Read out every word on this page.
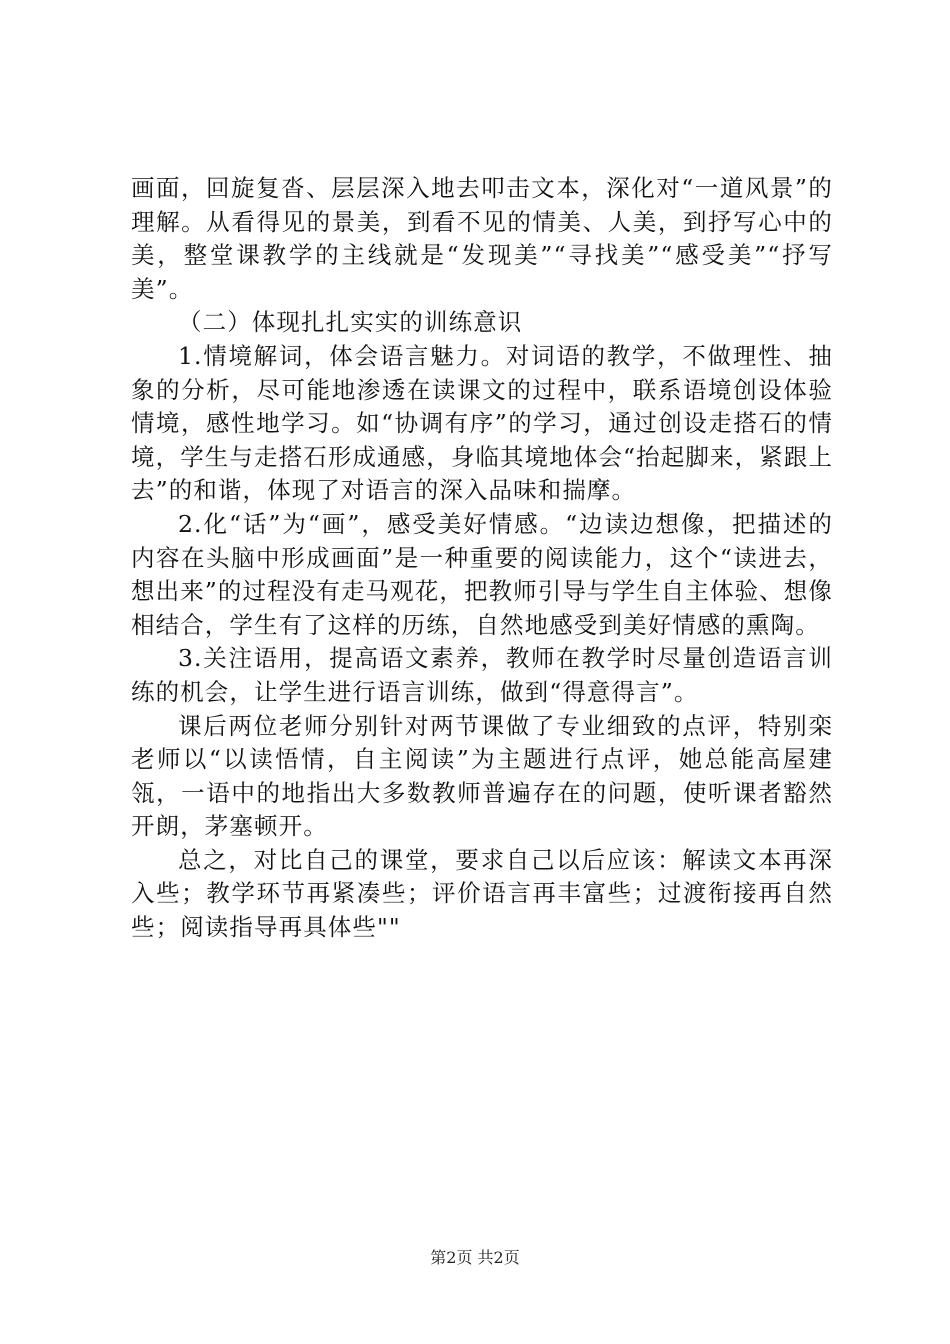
画面，回旋复沓、层层深入地去叩击文本，深化对“一道风景”的理解。从看得见的景美，到看不见的情美、人美，到抒写心中的美，整堂课教学的主线就是“发现美”“寻找美”“感受美”“抒写美”。

（二）体现扎扎实实的训练意识

1.情境解词，体会语言魅力。对词语的教学，不做理性、抽象的分析，尽可能地渗透在读课文的过程中，联系语境创设体验情境，感性地学习。如“协调有序”的学习，通过创设走搭石的情境，学生与走搭石形成通感，身临其境地体会“抬起脚来，紧跟上去”的和谐，体现了对语言的深入品味和揣摩。

2.化“话”为“画”，感受美好情感。“边读边想像，把描述的内容在头脑中形成画面”是一种重要的阅读能力，这个“读进去，想出来”的过程没有走马观花，把教师引导与学生自主体验、想像相结合，学生有了这样的历练，自然地感受到美好情感的熏陶。

3.关注语用，提高语文素养，教师在教学时尽量创造语言训练的机会，让学生进行语言训练，做到“得意得言”。

课后两位老师分别针对两节课做了专业细致的点评，特别栾老师以“以读悟情，自主阅读”为主题进行点评，她总能高屋建瓴，一语中的地指出大多数教师普遍存在的问题，使听课者豁然开朗，茅塞顿开。

总之，对比自己的课堂，要求自己以后应该：解读文本再深入些；教学环节再紧凑些；评价语言再丰富些；过渡衔接再自然些；阅读指导再具体些""

第2页 共2页
